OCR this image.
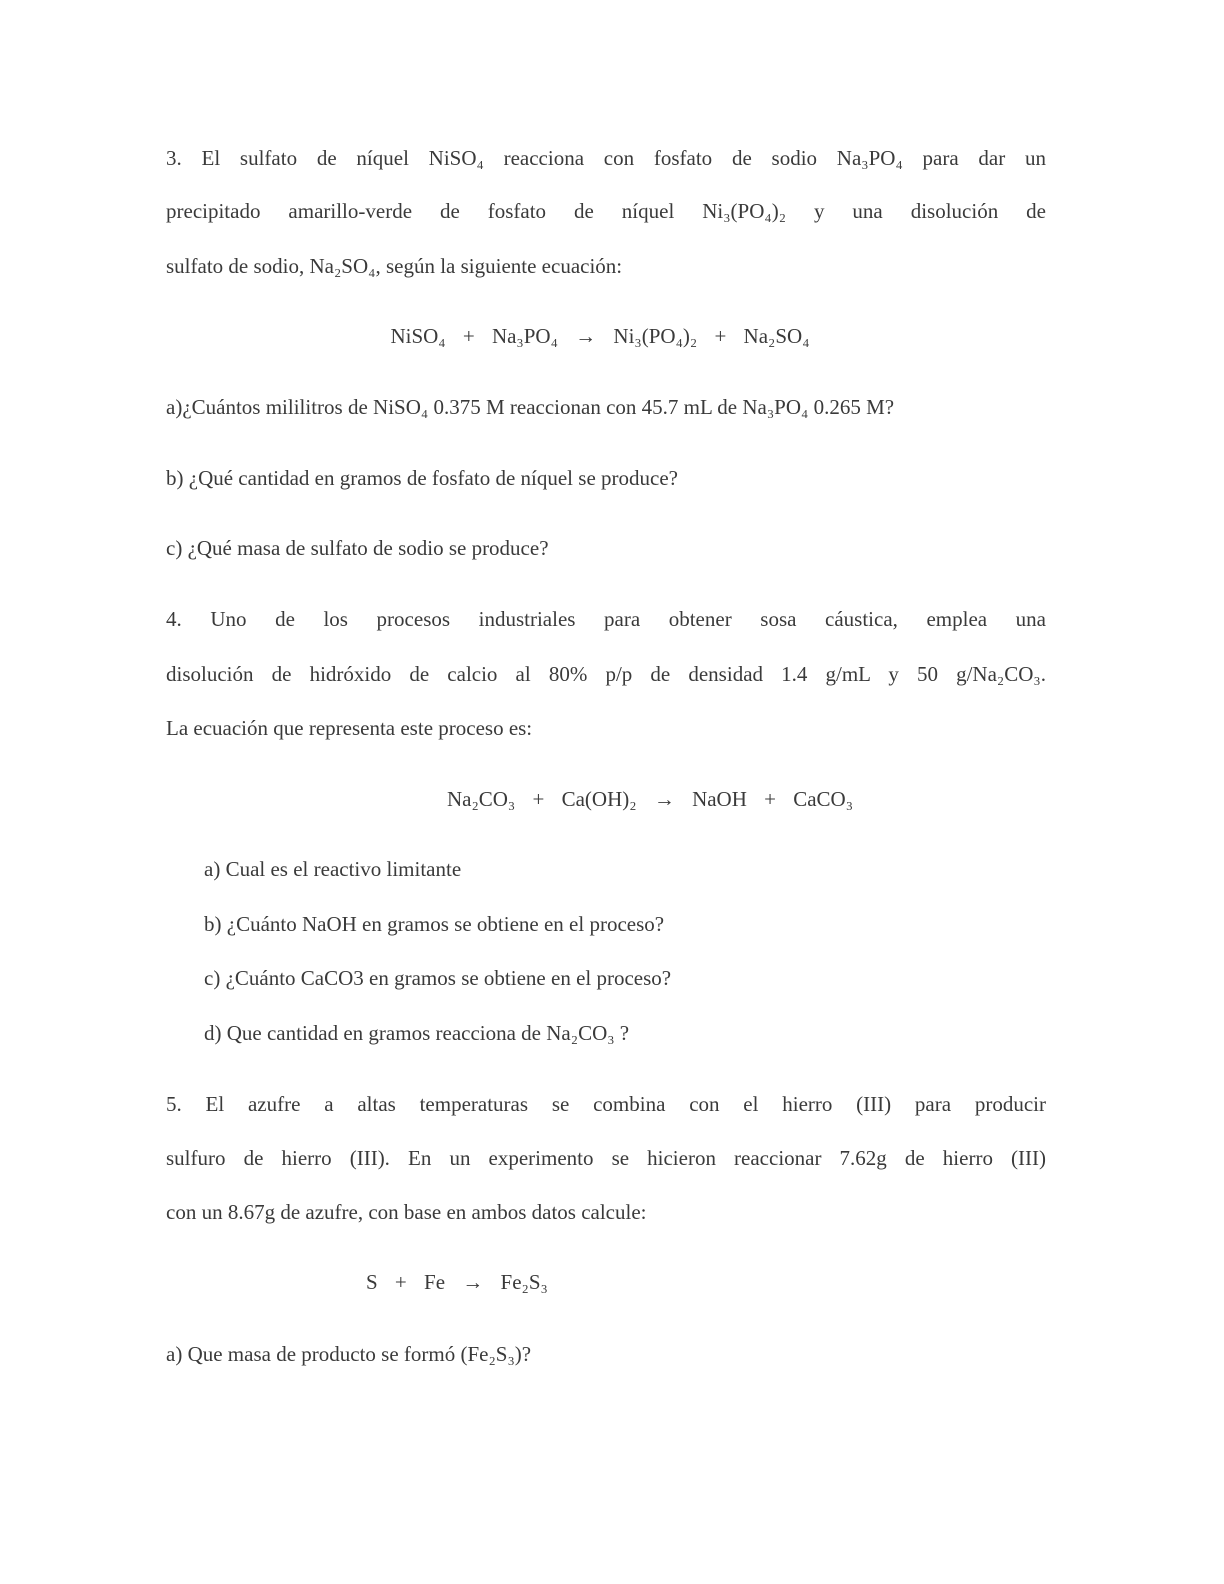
3. El sulfato de níquel NiSO₄ reacciona con fosfato de sodio Na₃PO₄ para dar un
precipitado amarillo-verde de fosfato de níquel Ni₃(PO₄)₂ y una disolución de
sulfato de sodio, Na₂SO₄, según la siguiente ecuación:
NiSO₄ + Na₃PO₄ → Ni₃(PO₄)₂ + Na₂SO₄
a)¿Cuántos mililitros de NiSO₄ 0.375 M reaccionan con 45.7 mL de Na₃PO₄ 0.265 M?
b) ¿Qué cantidad en gramos de fosfato de níquel se produce?
c) ¿Qué masa de sulfato de sodio se produce?
4. Uno de los procesos industriales para obtener sosa cáustica, emplea una
disolución de hidróxido de calcio al 80% p/p de densidad 1.4 g/mL y 50 g/Na₂CO₃.
La ecuación que representa este proceso es:
Na₂CO₃ + Ca(OH)₂ → NaOH + CaCO₃
a) Cual es el reactivo limitante
b) ¿Cuánto NaOH en gramos se obtiene en el proceso?
c) ¿Cuánto CaCO3 en gramos se obtiene en el proceso?
d) Que cantidad en gramos reacciona de Na₂CO₃ ?
5. El azufre a altas temperaturas se combina con el hierro (III) para producir
sulfuro de hierro (III). En un experimento se hicieron reaccionar 7.62g de hierro (III)
con un 8.67g de azufre, con base en ambos datos calcule:
S + Fe → Fe₂S₃
a) Que masa de producto se formó (Fe₂S₃)?
